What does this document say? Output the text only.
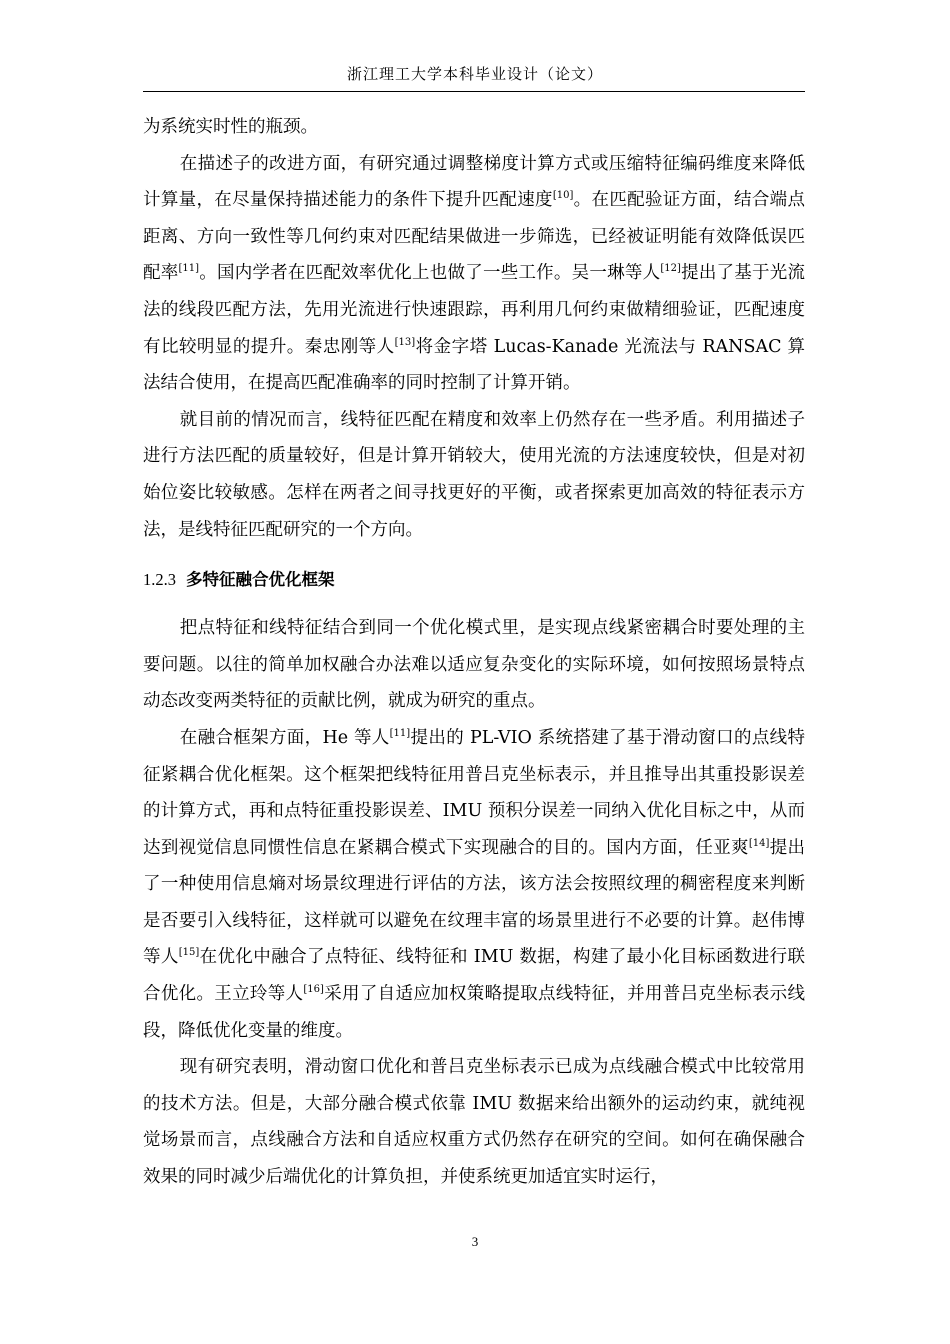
浙江理工大学本科毕业设计（论文）

为系统实时性的瓶颈。

在描述子的改进方面，有研究通过调整梯度计算方式或压缩特征编码维度来降低计算量，在尽量保持描述能力的条件下提升匹配速度[10]。在匹配验证方面，结合端点距离、方向一致性等几何约束对匹配结果做进一步筛选，已经被证明能有效降低误匹配率[11]。国内学者在匹配效率优化上也做了一些工作。吴一琳等人[12]提出了基于光流法的线段匹配方法，先用光流进行快速跟踪，再利用几何约束做精细验证，匹配速度有比较明显的提升。秦忠刚等人[13]将金字塔 Lucas-Kanade 光流法与 RANSAC 算法结合使用，在提高匹配准确率的同时控制了计算开销。

就目前的情况而言，线特征匹配在精度和效率上仍然存在一些矛盾。利用描述子进行方法匹配的质量较好，但是计算开销较大，使用光流的方法速度较快，但是对初始位姿比较敏感。怎样在两者之间寻找更好的平衡，或者探索更加高效的特征表示方法，是线特征匹配研究的一个方向。

1.2.3 多特征融合优化框架

把点特征和线特征结合到同一个优化模式里，是实现点线紧密耦合时要处理的主要问题。以往的简单加权融合办法难以适应复杂变化的实际环境，如何按照场景特点动态改变两类特征的贡献比例，就成为研究的重点。

在融合框架方面，He 等人[11]提出的 PL-VIO 系统搭建了基于滑动窗口的点线特征紧耦合优化框架。这个框架把线特征用普吕克坐标表示，并且推导出其重投影误差的计算方式，再和点特征重投影误差、IMU 预积分误差一同纳入优化目标之中，从而达到视觉信息同惯性信息在紧耦合模式下实现融合的目的。国内方面，任亚爽[14]提出了一种使用信息熵对场景纹理进行评估的方法，该方法会按照纹理的稠密程度来判断是否要引入线特征，这样就可以避免在纹理丰富的场景里进行不必要的计算。赵伟博等人[15]在优化中融合了点特征、线特征和 IMU 数据，构建了最小化目标函数进行联合优化。王立玲等人[16]采用了自适应加权策略提取点线特征，并用普吕克坐标表示线段，降低优化变量的维度。

现有研究表明，滑动窗口优化和普吕克坐标表示已成为点线融合模式中比较常用的技术方法。但是，大部分融合模式依靠 IMU 数据来给出额外的运动约束，就纯视觉场景而言，点线融合方法和自适应权重方式仍然存在研究的空间。如何在确保融合效果的同时减少后端优化的计算负担，并使系统更加适宜实时运行，

3
